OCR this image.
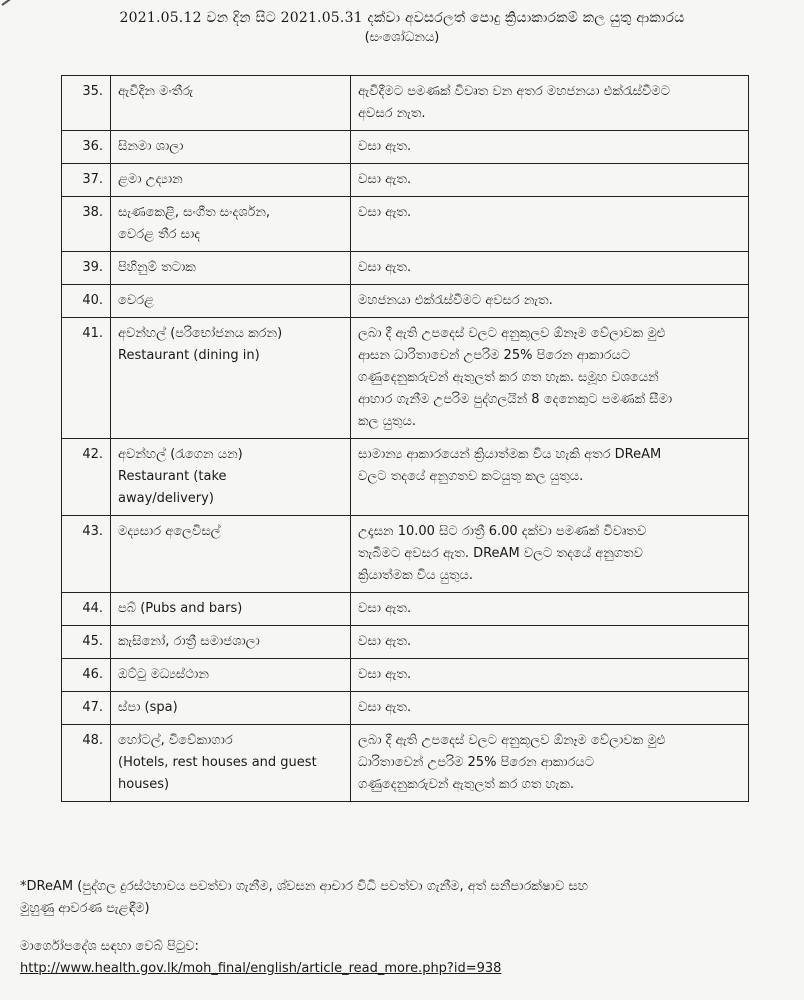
2021.05.12 වන දින සිට 2021.05.31 දක්වා අවසරලත් පොදු ක්‍රියාකාරකම් කල යුතු ආකාරය
(සංශෝධනය)
35.	ඇවිදින මංතීරු	ඇවිදීමට පමණක් විවෘත වන අතර මහජනයා එක්රැස්වීමට
අවසර නැත.

36.	සිනමා ශාලා	වසා ඇත.

37.	ළමා උද්‍යාන	වසා ඇත.

38.	සැණකෙළි, සංගීත සංදර්ශන,
වෙරළ තීර සාද	වසා ඇත.

39.	පිහිනුම් තටාක	වසා ඇත.

40.	වෙරළ	මහජනයා එක්රැස්වීමට අවසර නැත.

41.	අවන්හල් (පරිභෝජනය කරන)
Restaurant (dining in)	ලබා දී ඇති උපදෙස් වලට අනුකූලව ඕනෑම වේලාවක මුළු
ආසන ධාරිතාවෙන් උපරිම 25% පිරෙන ආකාරයට
ගණුදෙනුකරුවන් ඇතුලත් කර ගත හැක. සමූහ වශයෙන්
ආහාර ගැනීම උපරිම පුද්ගලයින් 8 දෙනෙකුට පමණක් සීමා
කල යුතුය.

42.	අවන්හල් (රැගෙන යන)
Restaurant (take
away/delivery)	සාමාන්‍ය ආකාරයෙන් ක්‍රියාත්මක විය හැකි අතර DReAM
වලට තදයේ අනුගතව කටයුතු කල යුතුය.

43.	මද්‍යසාර අලෙවිසල්	උදෑසන 10.00 සිට රාත්‍රී 6.00 දක්වා පමණක් විවෘතව
තැබීමට අවසර ඇත. DReAM වලට තදයේ අනුගතව
ක්‍රියාත්මක විය යුතුය.

44.	පබ් (Pubs and bars)	වසා ඇත.

45.	කැසිනෝ, රාත්‍රී සමාජශාලා	වසා ඇත.

46.	ඔට්ටු මධ්‍යස්ථාන	වසා ඇත.

47.	ස්පා (spa)	වසා ඇත.

48.	හෝටල්, විවේකාගාර
(Hotels, rest houses and guest
houses)	ලබා දී ඇති උපදෙස් වලට අනුකූලව ඕනෑම වේලාවක මුළු
ධාරිතාවෙන් උපරිම 25% පිරෙන ආකාරයට
ගණුදෙනුකරුවන් ඇතුලත් කර ගත හැක.
*DReAM (පුද්ගල දුරස්ථභාවය පවත්වා ගැනීම, ශ්වසන ආචාර විධි පවත්වා ගැනීම, අත් සනීපාරක්ෂාව සහ
මුහුණු ආවරණ පැළඳීම)
මාර්ගෝපදේශ සඳහා වෙබ් පිටුව:
http://www.health.gov.lk/moh_final/english/article_read_more.php?id=938
